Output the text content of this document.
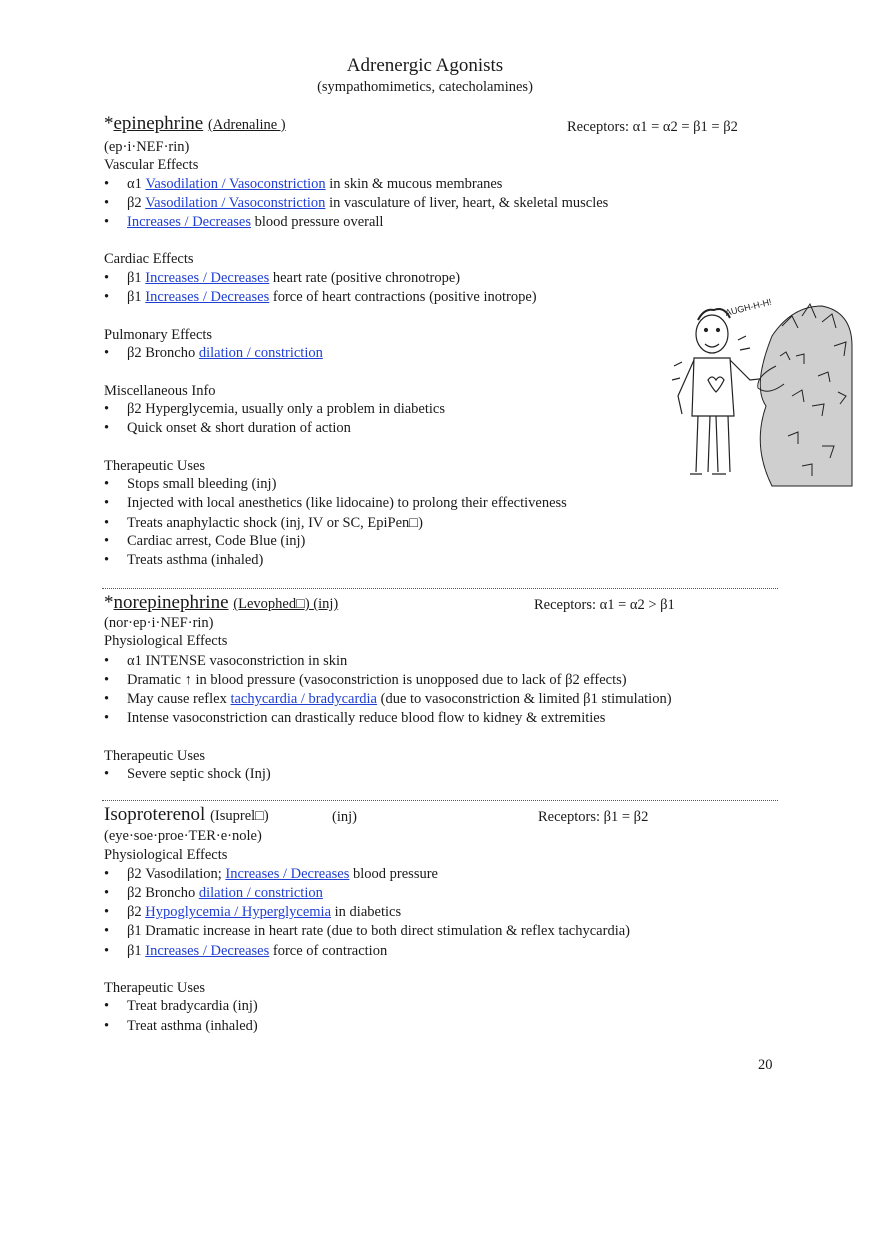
Adrenergic Agonists
(sympathomimetics, catecholamines)
*epinephrine (Adrenaline )	Receptors: α1 = α2 = β1 = β2
(ep·i·NEF·rin)
Vascular Effects
• α1 Vasodilation / Vasoconstriction in skin & mucous membranes
• β2 Vasodilation / Vasoconstriction in vasculature of liver, heart, & skeletal muscles
• Increases / Decreases blood pressure overall
Cardiac Effects
• β1 Increases / Decreases heart rate (positive chronotrope)
• β1 Increases / Decreases force of heart contractions (positive inotrope)
Pulmonary Effects
• β2 Broncho dilation / constriction
Miscellaneous Info
• β2 Hyperglycemia, usually only a problem in diabetics
• Quick onset & short duration of action
Therapeutic Uses
• Stops small bleeding (inj)
• Injected with local anesthetics (like lidocaine) to prolong their effectiveness
• Treats anaphylactic shock (inj, IV or SC, EpiPen□)
• Cardiac arrest, Code Blue (inj)
• Treats asthma (inhaled)
AUGH-H-H!
*norepinephrine (Levophed□) (inj)	Receptors: α1 = α2 > β1
(nor·ep·i·NEF·rin)
Physiological Effects
• α1 INTENSE vasoconstriction in skin
• Dramatic ↑ in blood pressure (vasoconstriction is unopposed due to lack of β2 effects)
• May cause reflex tachycardia / bradycardia (due to vasoconstriction & limited β1 stimulation)
• Intense vasoconstriction can drastically reduce blood flow to kidney & extremities
Therapeutic Uses
• Severe septic shock (Inj)
Isoproterenol (Isuprel□)	(inj)	Receptors: β1 = β2
(eye·soe·proe·TER·e·nole)
Physiological Effects
• β2 Vasodilation; Increases / Decreases blood pressure
• β2 Broncho dilation / constriction
• β2 Hypoglycemia / Hyperglycemia in diabetics
• β1 Dramatic increase in heart rate (due to both direct stimulation & reflex tachycardia)
• β1 Increases / Decreases force of contraction
Therapeutic Uses
• Treat bradycardia (inj)
• Treat asthma (inhaled)
20
